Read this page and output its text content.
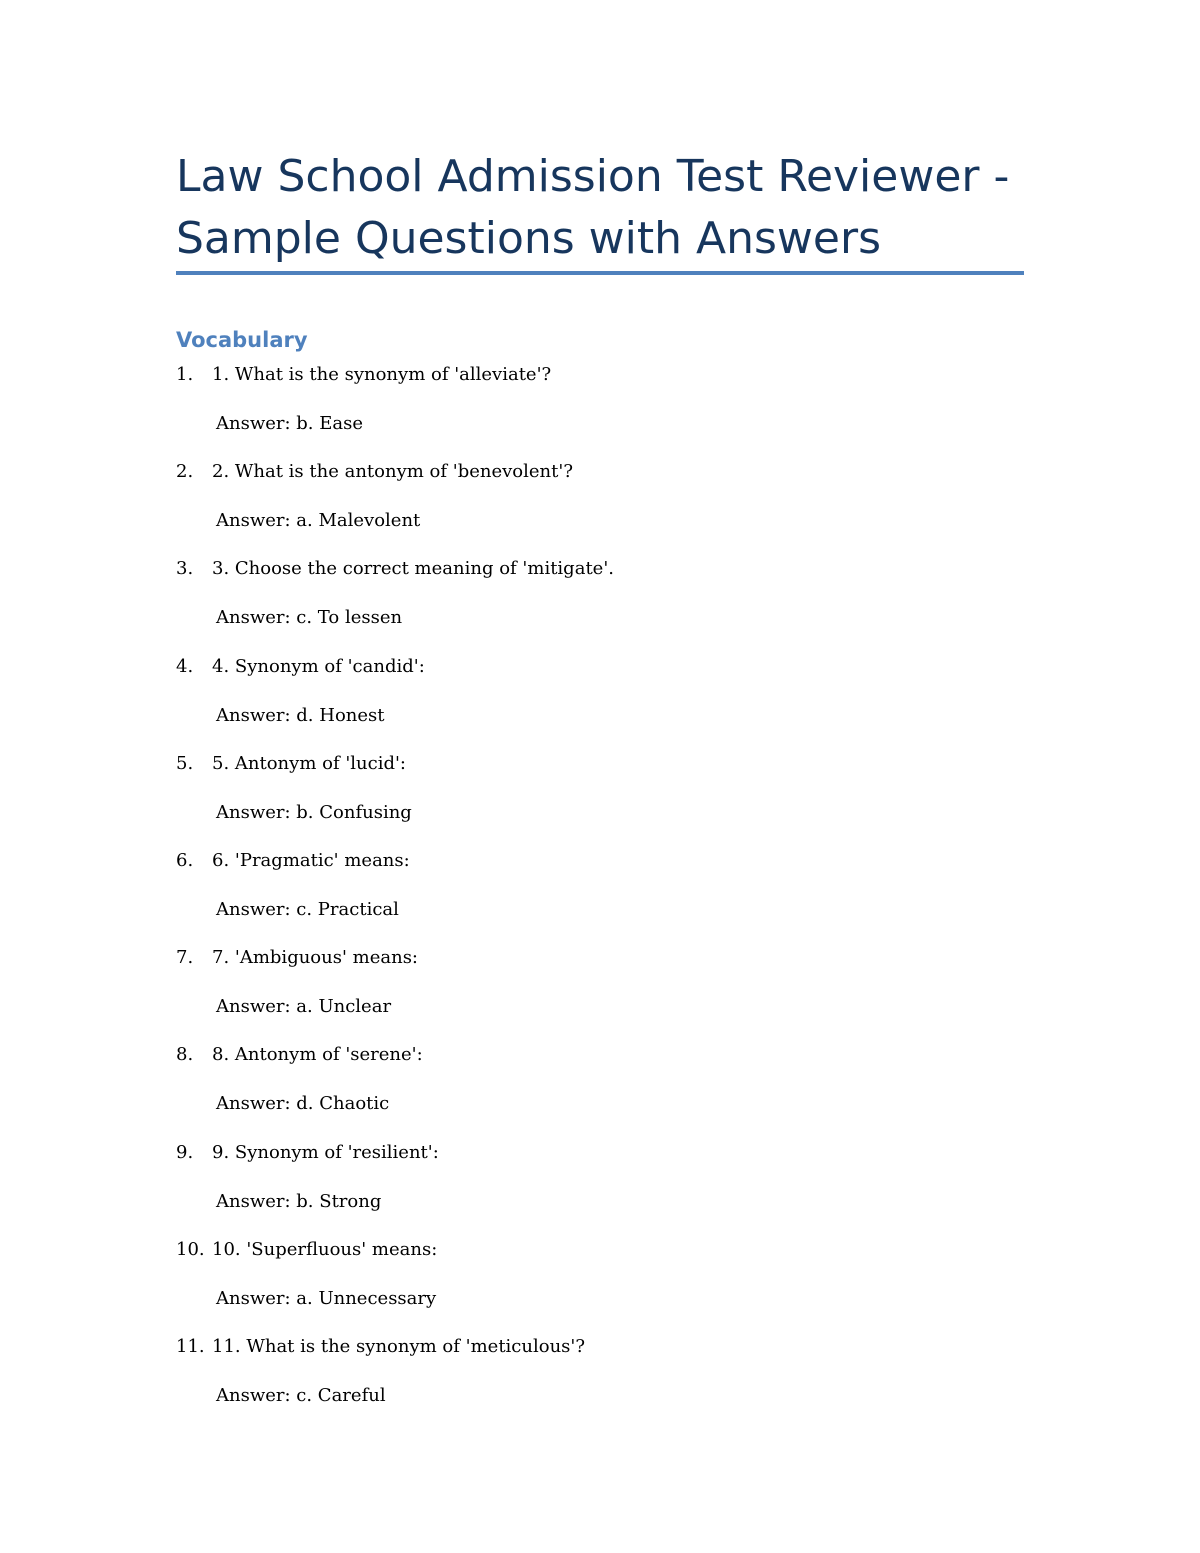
Law School Admission Test Reviewer -
Sample Questions with Answers
Vocabulary
1. 1. What is the synonym of 'alleviate'?
Answer: b. Ease
2. 2. What is the antonym of 'benevolent'?
Answer: a. Malevolent
3. 3. Choose the correct meaning of 'mitigate'.
Answer: c. To lessen
4. 4. Synonym of 'candid':
Answer: d. Honest
5. 5. Antonym of 'lucid':
Answer: b. Confusing
6. 6. 'Pragmatic' means:
Answer: c. Practical
7. 7. 'Ambiguous' means:
Answer: a. Unclear
8. 8. Antonym of 'serene':
Answer: d. Chaotic
9. 9. Synonym of 'resilient':
Answer: b. Strong
10. 10. 'Superfluous' means:
Answer: a. Unnecessary
11. 11. What is the synonym of 'meticulous'?
Answer: c. Careful
